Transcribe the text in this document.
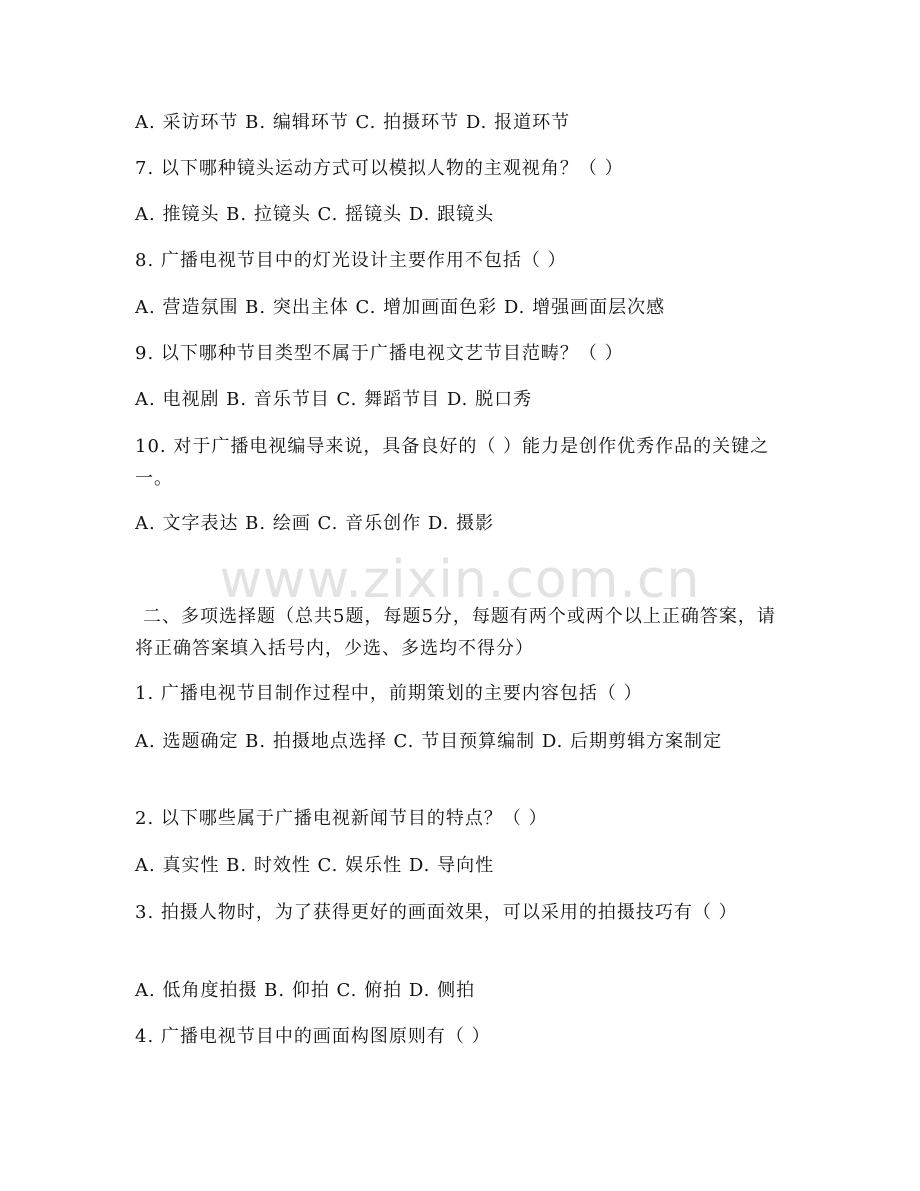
www.zixin.com.cn
A. 采访环节 B. 编辑环节 C. 拍摄环节 D. 报道环节
7. 以下哪种镜头运动方式可以模拟人物的主观视角？（ ）
A. 推镜头 B. 拉镜头 C. 摇镜头 D. 跟镜头
8. 广播电视节目中的灯光设计主要作用不包括（ ）
A. 营造氛围 B. 突出主体 C. 增加画面色彩 D. 增强画面层次感
9. 以下哪种节目类型不属于广播电视文艺节目范畴？（ ）
A. 电视剧 B. 音乐节目 C. 舞蹈节目 D. 脱口秀
10. 对于广播电视编导来说，具备良好的（ ）能力是创作优秀作品的关键之一。
A. 文字表达 B. 绘画 C. 音乐创作 D. 摄影
二、多项选择题（总共5题，每题5分，每题有两个或两个以上正确答案，请将正确答案填入括号内，少选、多选均不得分）
1. 广播电视节目制作过程中，前期策划的主要内容包括（ ）
A. 选题确定 B. 拍摄地点选择 C. 节目预算编制 D. 后期剪辑方案制定
2. 以下哪些属于广播电视新闻节目的特点？（ ）
A. 真实性 B. 时效性 C. 娱乐性 D. 导向性
3. 拍摄人物时，为了获得更好的画面效果，可以采用的拍摄技巧有（ ）
A. 低角度拍摄 B. 仰拍 C. 俯拍 D. 侧拍
4. 广播电视节目中的画面构图原则有（ ）
